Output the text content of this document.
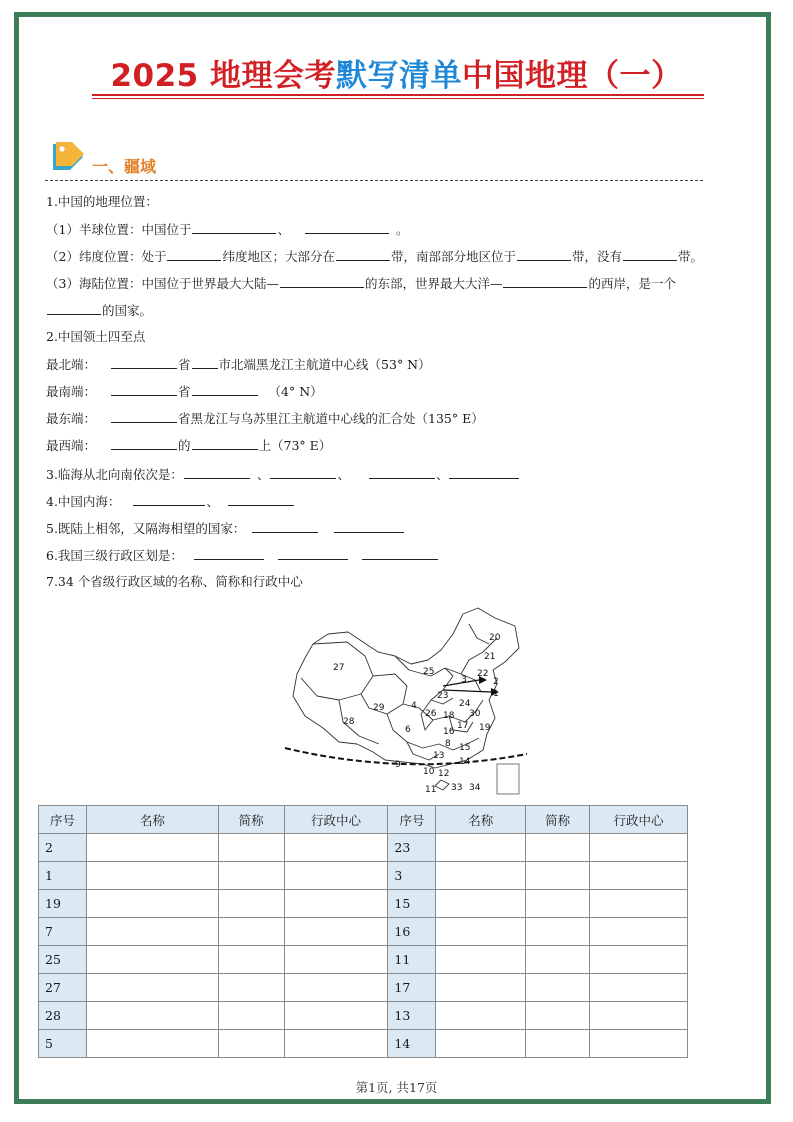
2025 地理会考默写清单中国地理（一）
一、疆域
1.中国的地理位置：
（1）半球位置：中国位于	、	。
（2）纬度位置：处于	纬度地区；大部分在	带，南部部分地区位于	带，没有	带。
（3）海陆位置：中国位于世界最大大陆—	的东部，世界最大大洋—	的西岸，是一个
的国家。
2.中国领土四至点
最北端：	省 市北端黑龙江主航道中心线（53° N）
最南端：	省	（4° N）
最东端：	省黑龙江与乌苏里江主航道中心线的汇合处（135° E）
最西端：	的	上（73° E）
3.临海从北向南依次是：	、	、	、
4.中国内海：	、
5.既陆上相邻，又隔海相望的国家：
6.我国三级行政区划是：
7.34 个省级行政区域的名称、简称和行政中心
20
21
27
22
2
1
25
3
23
29	4	24
26 18 30
28	17 19
6	16
8 15
14
13
9
12
10
11 33 34
序号	名称	简称	行政中心	序号	名称	简称	行政中心
2				23			
1				3			
19				15			
7				16			
25				11			
27				17			
28				13			
5				14			
第1页, 共17页
